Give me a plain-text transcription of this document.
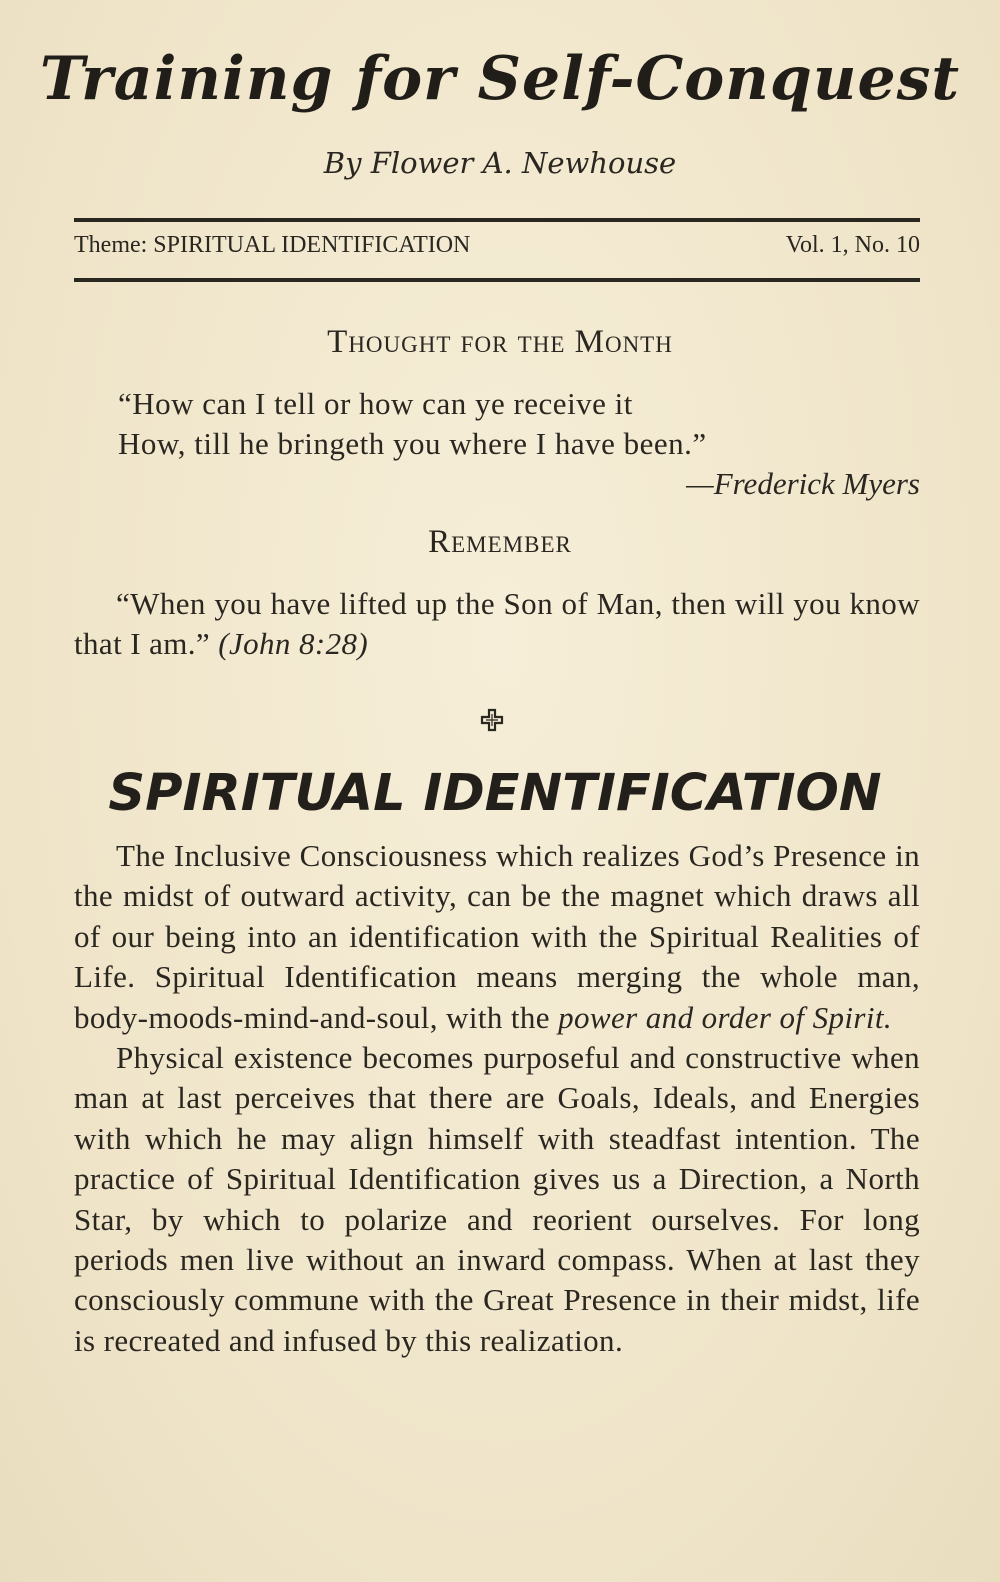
Training for Self-Conquest
By Flower A. Newhouse
Theme: SPIRITUAL IDENTIFICATION	Vol. 1, No. 10
Thought for the Month
“How can I tell or how can ye receive it
How, till he bringeth you where I have been.”
—Frederick Myers
Remember
“When you have lifted up the Son of Man, then will you know that I am.” (John 8:28)
SPIRITUAL IDENTIFICATION

The Inclusive Consciousness which realizes God’s Presence in the midst of outward activity, can be the magnet which draws all of our being into an identification with the Spiritual Realities of Life. Spiritual Identification means merging the whole man, body-moods-mind-and-soul, with the power and order of Spirit.

Physical existence becomes purposeful and constructive when man at last perceives that there are Goals, Ideals, and Energies with which he may align himself with steadfast intention. The practice of Spiritual Identification gives us a Direction, a North Star, by which to polarize and reorient ourselves. For long periods men live without an inward compass. When at last they consciously commune with the Great Presence in their midst, life is recreated and infused by this realization.
